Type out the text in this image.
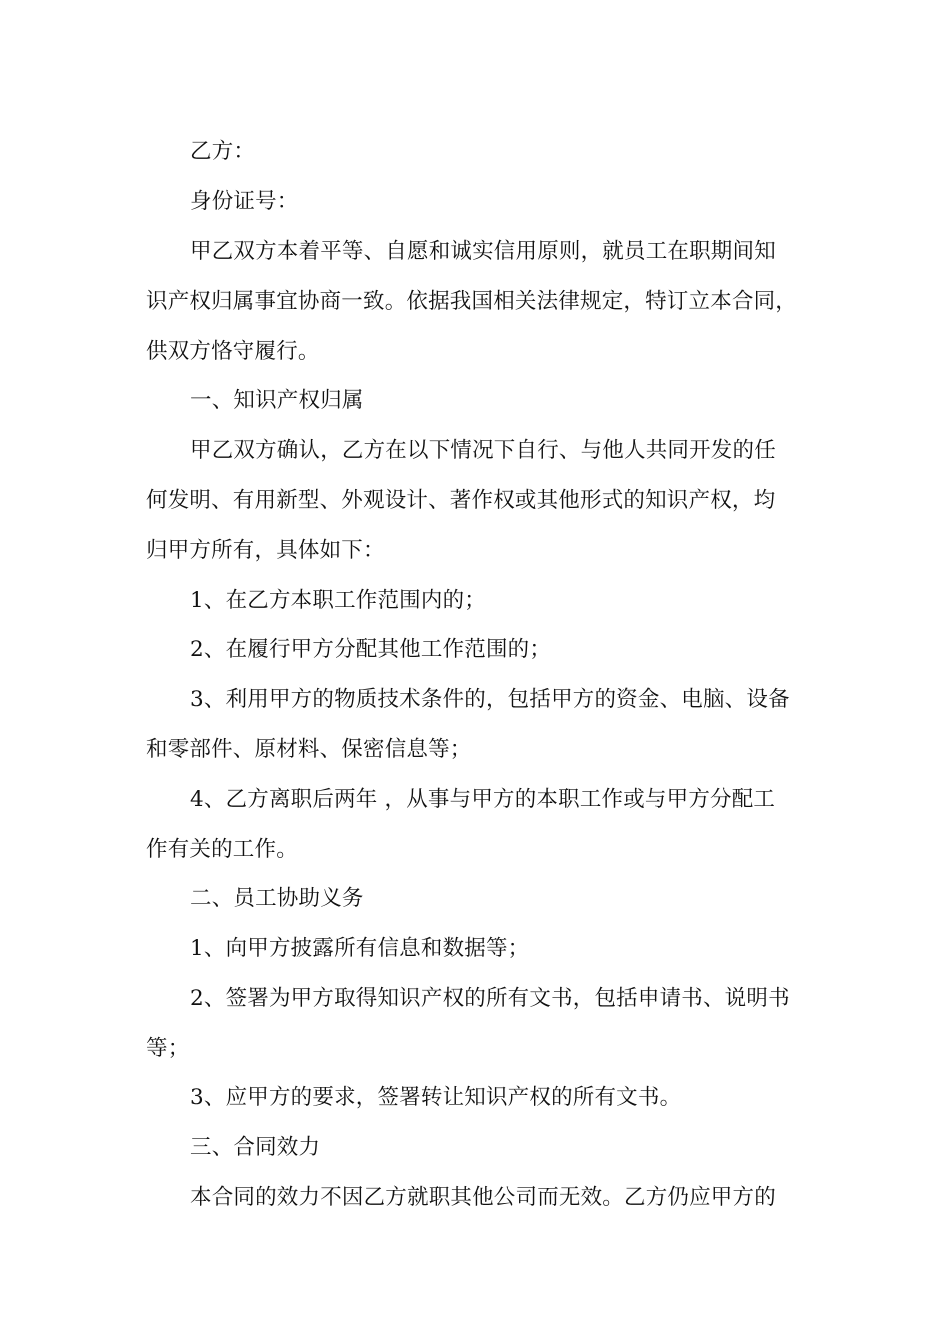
乙方：
身份证号：
甲乙双方本着平等、自愿和诚实信用原则，就员工在职期间知
识产权归属事宜协商一致。依据我国相关法律规定，特订立本合同，
供双方恪守履行。
一、知识产权归属
甲乙双方确认，乙方在以下情况下自行、与他人共同开发的任
何发明、有用新型、外观设计、著作权或其他形式的知识产权，均
归甲方所有，具体如下：
1、在乙方本职工作范围内的；
2、在履行甲方分配其他工作范围的；
3、利用甲方的物质技术条件的，包括甲方的资金、电脑、设备
和零部件、原材料、保密信息等；
4、乙方离职后两年 ，从事与甲方的本职工作或与甲方分配工
作有关的工作。
二、员工协助义务
1、向甲方披露所有信息和数据等；
2、签署为甲方取得知识产权的所有文书，包括申请书、说明书
等；
3、应甲方的要求，签署转让知识产权的所有文书。
三、合同效力
本合同的效力不因乙方就职其他公司而无效。乙方仍应甲方的
